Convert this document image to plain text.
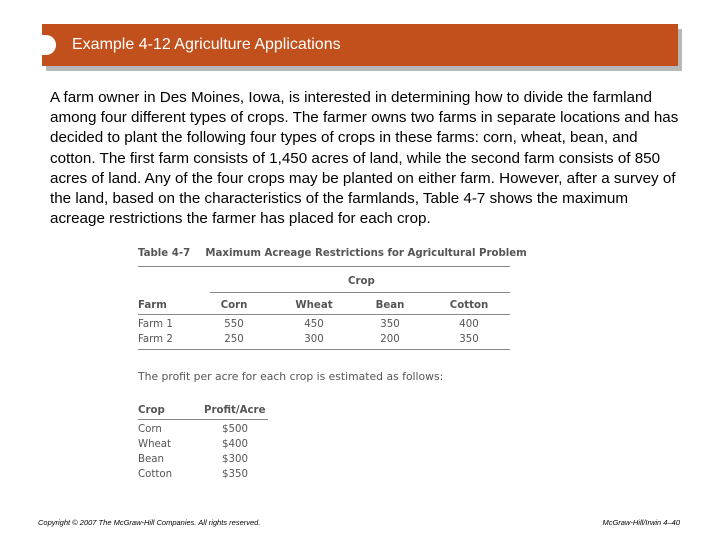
Example 4-12 Agriculture Applications

A farm owner in Des Moines, Iowa, is interested in determining how to divide the farmland among four different types of crops. The farmer owns two farms in separate locations and has decided to plant the following four types of crops in these farms: corn, wheat, bean, and cotton. The first farm consists of 1,450 acres of land, while the second farm consists of 850 acres of land. Any of the four crops may be planted on either farm. However, after a survey of the land, based on the characteristics of the farmlands, Table 4-7 shows the maximum acreage restrictions the farmer has placed for each crop.

Table 4-7 Maximum Acreage Restrictions for Agricultural Problem
Crop
Farm	Corn	Wheat	Bean	Cotton
Farm 1	550	450	350	400
Farm 2	250	300	200	350
The profit per acre for each crop is estimated as follows:
Crop	Profit/Acre
Corn	$500
Wheat	$400
Bean	$300
Cotton	$350
Copyright © 2007 The McGraw-Hill Companies. All rights reserved.	McGraw-Hill/Irwin 4–40
